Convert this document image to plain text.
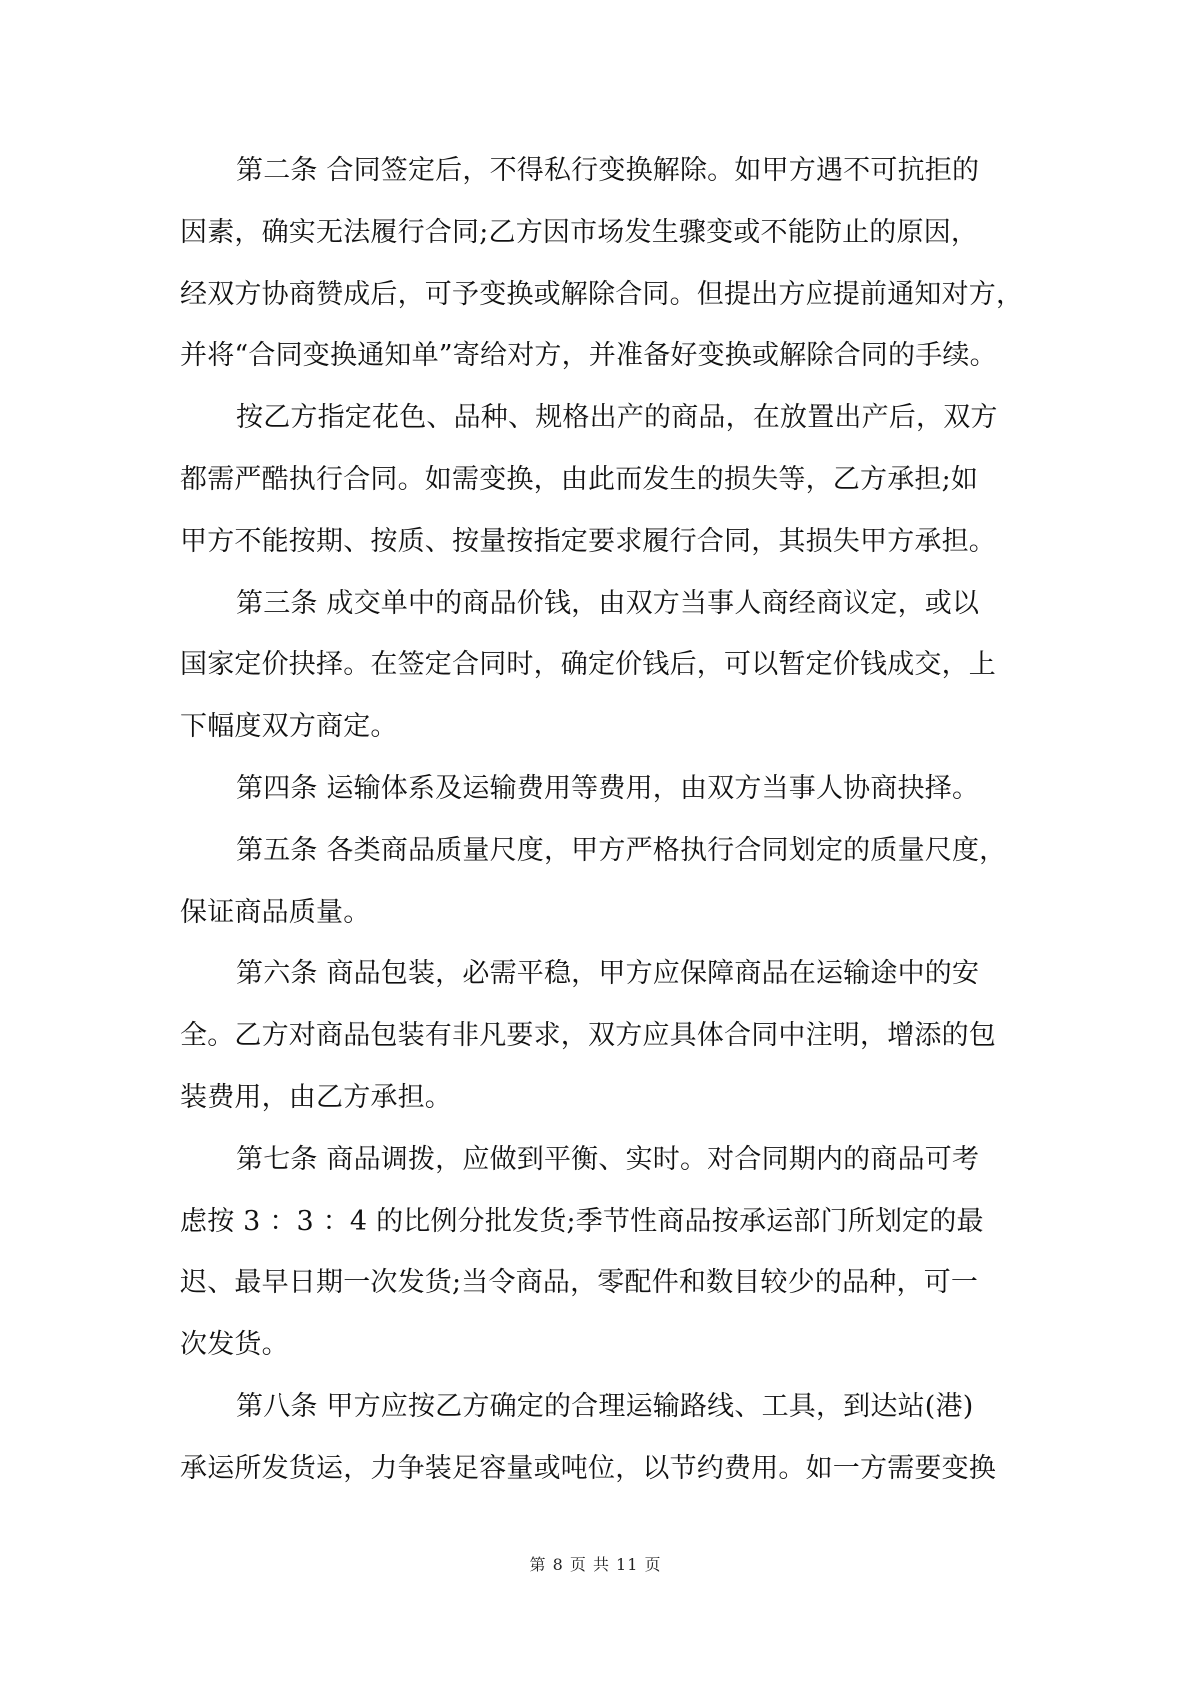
第二条 合同签定后，不得私行变换解除。如甲方遇不可抗拒的
因素，确实无法履行合同;乙方因市场发生骤变或不能防止的原因，
经双方协商赞成后，可予变换或解除合同。但提出方应提前通知对方，
并将“合同变换通知单”寄给对方，并准备好变换或解除合同的手续。
按乙方指定花色、品种、规格出产的商品，在放置出产后，双方
都需严酷执行合同。如需变换，由此而发生的损失等，乙方承担;如
甲方不能按期、按质、按量按指定要求履行合同，其损失甲方承担。
第三条 成交单中的商品价钱，由双方当事人商经商议定，或以
国家定价抉择。在签定合同时，确定价钱后，可以暂定价钱成交，上
下幅度双方商定。
第四条 运输体系及运输费用等费用，由双方当事人协商抉择。
第五条 各类商品质量尺度，甲方严格执行合同划定的质量尺度，
保证商品质量。
第六条 商品包装，必需平稳，甲方应保障商品在运输途中的安
全。乙方对商品包装有非凡要求，双方应具体合同中注明，增添的包
装费用，由乙方承担。
第七条 商品调拨，应做到平衡、实时。对合同期内的商品可考
虑按 3 ：3 ：4 的比例分批发货;季节性商品按承运部门所划定的最
迟、最早日期一次发货;当令商品，零配件和数目较少的品种，可一
次发货。
第八条 甲方应按乙方确定的合理运输路线、工具，到达站(港)
承运所发货运，力争装足容量或吨位，以节约费用。如一方需要变换
第 8 页 共 11 页
